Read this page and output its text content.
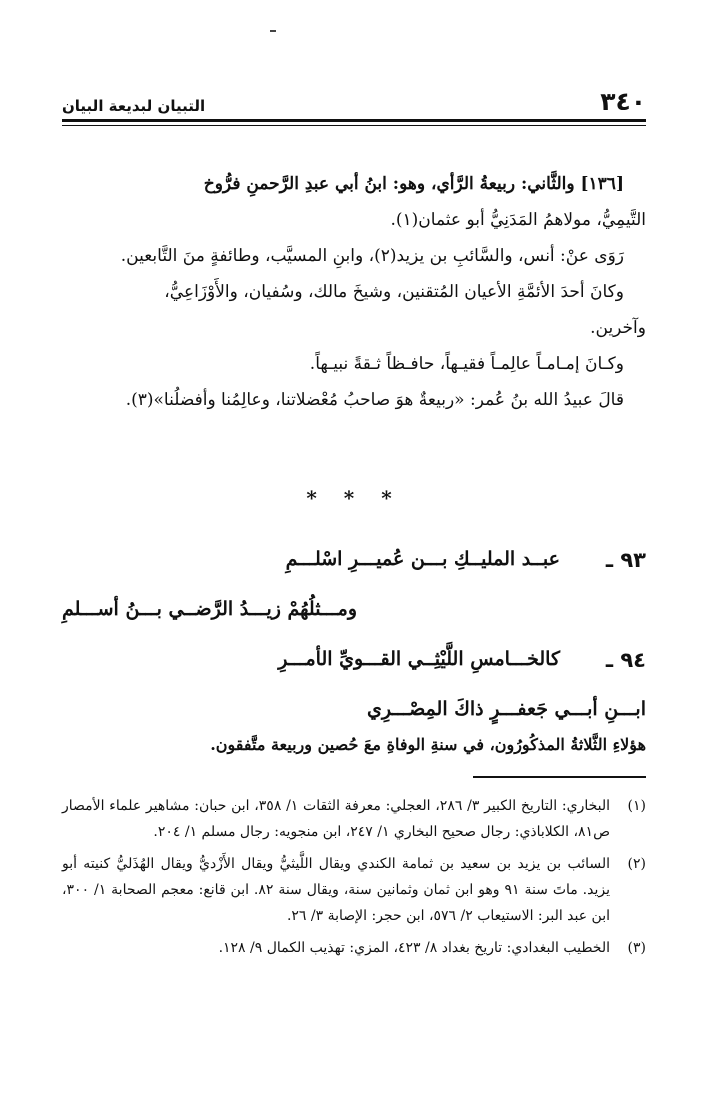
٣٤٠
التبيان لبديعة البيان

[١٣٦] والثَّاني: ربيعةُ الرَّأي، وهو: ابنُ أبي عبدِ الرَّحمنِ فرُّوخ

التَّيمِيُّ، مولاهمُ المَدَنِيُّ أبو عثمان(١).

رَوَى عنْ: أنس، والسَّائبِ بن يزيد(٢)، وابنِ المسيَّب، وطائفةٍ منَ التَّابعين.

وكانَ أحدَ الأئمَّةِ الأعيان المُتقنين، وشيخَ مالك، وسُفيان، والأَوْزَاعِيُّ،

وآخرين.

وكـانَ إمـامـاً عالِمـاً فقيـهاً، حافـظاً ثـقةً نبيـهاً.

قالَ عبيدُ الله بنُ عُمر: «ربيعةٌ هوَ صاحبُ مُعْضلاتنا، وعالِمُنا وأفضلُنا»(٣).

* * *
٩٣ ـ
عبــد المليــكِ بـــن عُميـــرِ اسْلـــمِ
ومـــثلُهُمْ زيـــدُ الرَّضــي بـــنُ أســـلمِ
٩٤ ـ
كالخـــامسِ اللَّيْثِــي القـــويِّ الأمـــرِ
ابـــنِ أبـــي جَعفـــرٍ ذاكَ المِصْـــرِي
هؤلاءِ الثَّلاثةُ المذكُورُون، في سنةِ الوفاةِ معَ حُصين وربيعة متَّفقون.
(١)
البخاري: التاريخ الكبير ٣/ ٢٨٦، العجلي: معرفة الثقات ١/ ٣٥٨، ابن حبان: مشاهير علماء الأمصار ص٨١، الكلاباذي: رجال صحيح البخاري ١/ ٢٤٧، ابن منجويه: رجال مسلم ١/ ٢٠٤.
(٢)
السائب بن يزيد بن سعيد بن ثمامة الكندي ويقال اللَّيثيُّ ويقال الأَزْديُّ ويقال الهُذَليُّ كنيته أبو يزيد. ماتَ سنة ٩١ وهو ابن ثمان وثمانين سنة، ويقال سنة ٨٢. ابن قانع: معجم الصحابة ١/ ٣٠٠، ابن عبد البر: الاستيعاب ٢/ ٥٧٦، ابن حجر: الإصابة ٣/ ٢٦.
(٣)
الخطيب البغدادي: تاريخ بغداد ٨/ ٤٢٣، المزي: تهذيب الكمال ٩/ ١٢٨.
